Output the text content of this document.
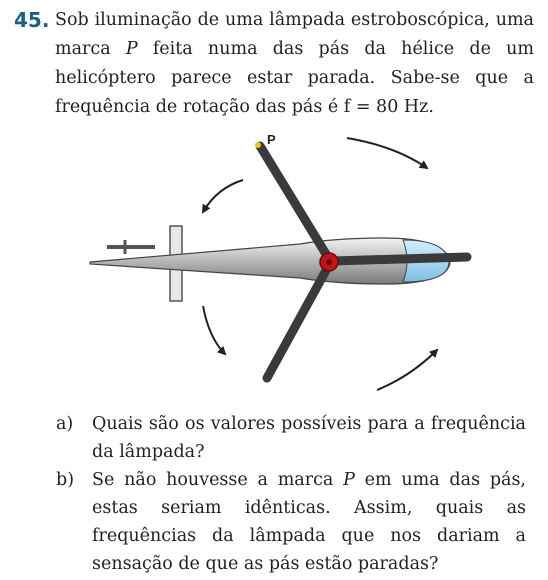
45. Sob iluminação de uma lâmpada estroboscópica, uma marca P feita numa das pás da hélice de um helicóptero parece estar parada. Sabe-se que a frequência de rotação das pás é f = 80 Hz.
P
a) Quais são os valores possíveis para a frequência da lâmpada?
b) Se não houvesse a marca P em uma das pás, estas seriam idênticas. Assim, quais as frequências da lâmpada que nos dariam a sensação de que as pás estão paradas?
